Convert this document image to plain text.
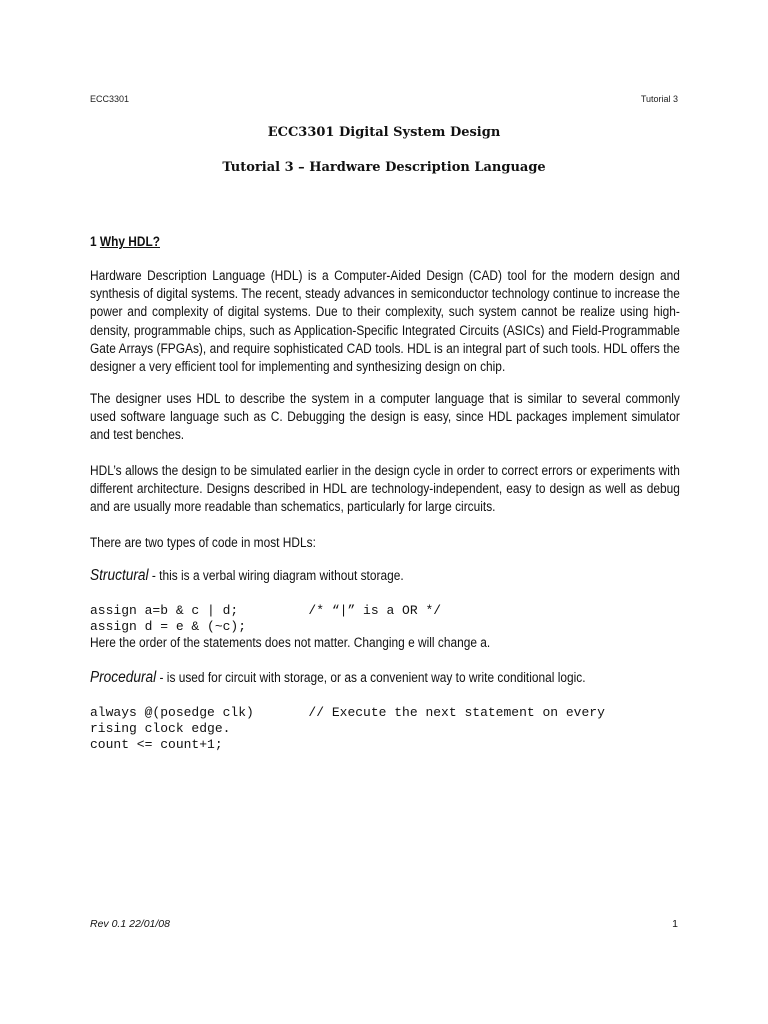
ECC3301	Tutorial 3
ECC3301 Digital System Design
Tutorial 3 – Hardware Description Language
1 Why HDL?
Hardware Description Language (HDL) is a Computer-Aided Design (CAD) tool for the modern design and synthesis of digital systems. The recent, steady advances in semiconductor technology continue to increase the power and complexity of digital systems. Due to their complexity, such system cannot be realize using high-density, programmable chips, such as Application-Specific Integrated Circuits (ASICs) and Field-Programmable Gate Arrays (FPGAs), and require sophisticated CAD tools. HDL is an integral part of such tools. HDL offers the designer a very efficient tool for implementing and synthesizing design on chip.
The designer uses HDL to describe the system in a computer language that is similar to several commonly used software language such as C. Debugging the design is easy, since HDL packages implement simulator and test benches.
HDL’s allows the design to be simulated earlier in the design cycle in order to correct errors or experiments with different architecture. Designs described in HDL are technology-independent, easy to design as well as debug and are usually more readable than schematics, particularly for large circuits.
There are two types of code in most HDLs:
Structural - this is a verbal wiring diagram without storage.
assign a=b & c | d;         /* “|” is a OR */
assign d = e & (~c);
Here the order of the statements does not matter. Changing e will change a.
Procedural - is used for circuit with storage, or as a convenient way to write conditional logic.
always @(posedge clk)       // Execute the next statement on every
rising clock edge.
count <= count+1;
Rev 0.1 22/01/08	1
